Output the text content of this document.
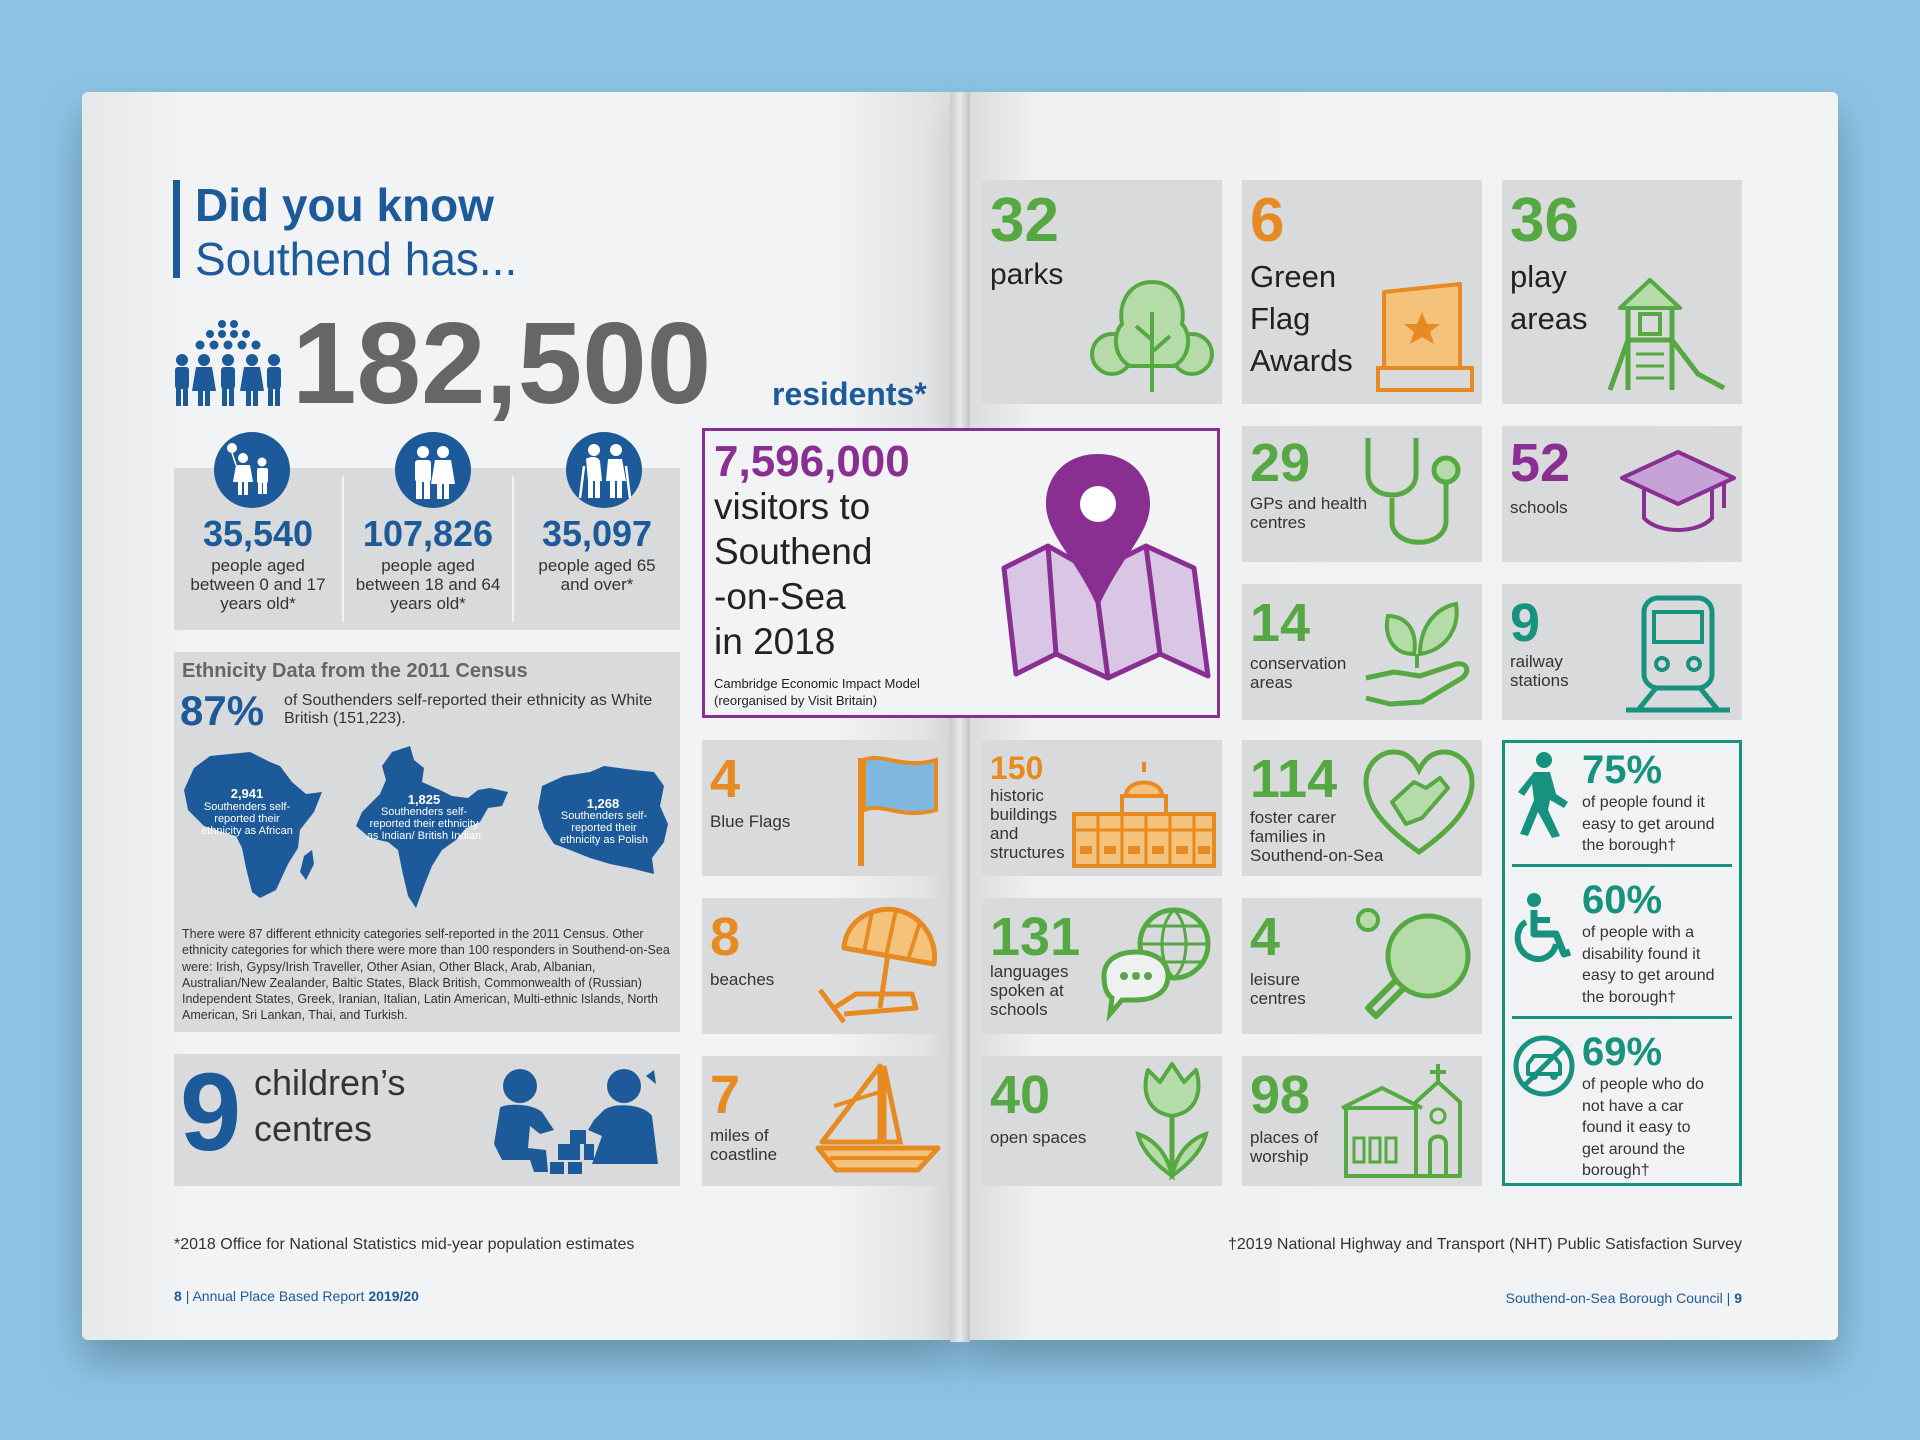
Did you know
Southend has...
182,500 residents*
35,540
people aged between 0 and 17 years old*
107,826
people aged between 18 and 64 years old*
35,097
people aged 65 and over*
Ethnicity Data from the 2011 Census
87% of Southenders self-reported their ethnicity as White British (151,223).
2,941
Southenders self-reported their ethnicity as African
1,825
Southenders self-reported their ethnicity as Indian/ British Indian
1,268
Southenders self-reported their ethnicity as Polish
There were 87 different ethnicity categories self-reported in the 2011 Census. Other ethnicity categories for which there were more than 100 responders in Southend-on-Sea were: Irish, Gypsy/Irish Traveller, Other Asian, Other Black, Arab, Albanian, Australian/New Zealander, Baltic States, Black British, Commonwealth of (Russian) Independent States, Greek, Iranian, Italian, Latin American, Multi-ethnic Islands, North American, Sri Lankan, Thai, and Turkish.
9 children’s
centres
*2018 Office for National Statistics mid-year population estimates
8 | Annual Place Based Report 2019/20
7,596,000
visitors to
Southend
-on-Sea
in 2018
Cambridge Economic Impact Model
(reorganised by Visit Britain)
4
Blue Flags
8
beaches
7
miles of coastline
32
parks
6
Green Flag Awards
36
play areas
29
GPs and health centres
52
schools
14
conservation areas
9
railway stations
150
historic buildings and structures
114
foster carer families in Southend-on-Sea
131
languages spoken at schools
4
leisure centres
40
open spaces
98
places of worship
75%
of people found it easy to get around the borough†
60%
of people with a disability found it easy to get around the borough†
69%
of people who do not have a car found it easy to get around the borough†
†2019 National Highway and Transport (NHT) Public Satisfaction Survey
Southend-on-Sea Borough Council | 9
